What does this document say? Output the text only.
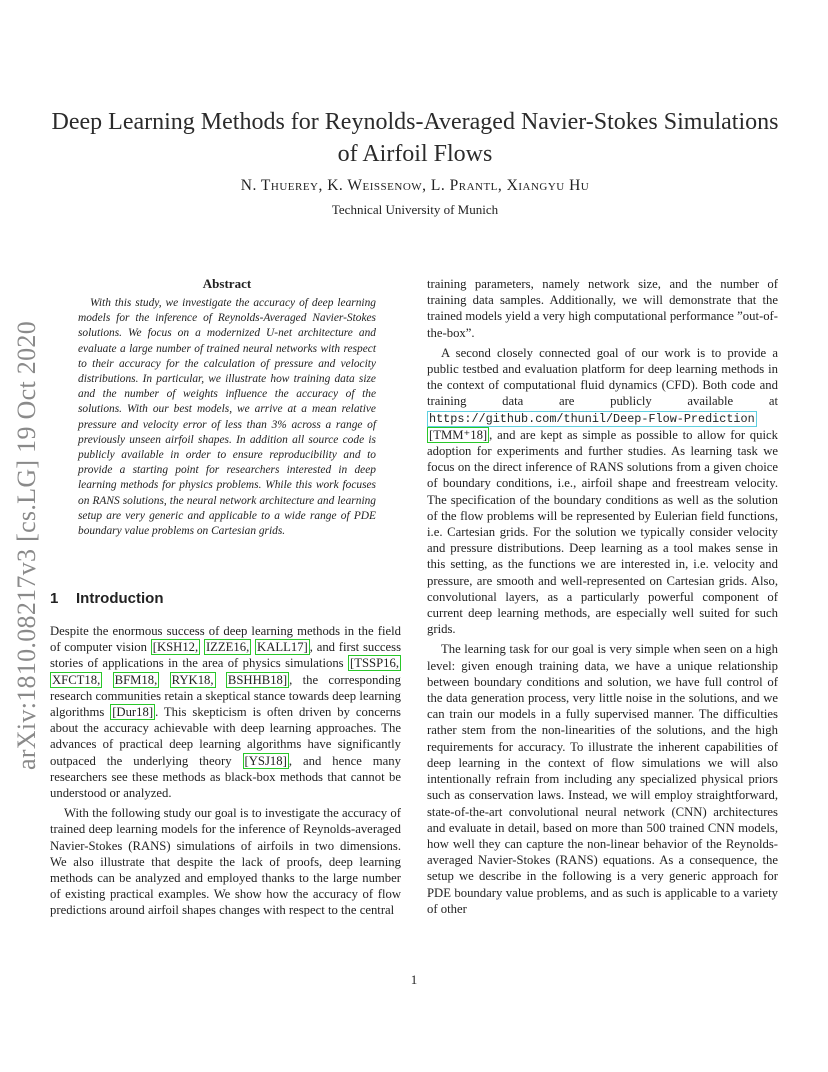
arXiv:1810.08217v3 [cs.LG] 19 Oct 2020
Deep Learning Methods for Reynolds-Averaged Navier-Stokes Simulations of Airfoil Flows
N. Thuerey, K. Weissenow, L. Prantl, Xiangyu Hu
Technical University of Munich
Abstract
With this study, we investigate the accuracy of deep learning models for the inference of Reynolds-Averaged Navier-Stokes solutions. We focus on a modernized U-net architecture and evaluate a large number of trained neural networks with respect to their accuracy for the calculation of pressure and velocity distributions. In particular, we illustrate how training data size and the number of weights influence the accuracy of the solutions. With our best models, we arrive at a mean relative pressure and velocity error of less than 3% across a range of previously unseen airfoil shapes. In addition all source code is publicly available in order to ensure reproducibility and to provide a starting point for researchers interested in deep learning methods for physics problems. While this work focuses on RANS solutions, the neural network architecture and learning setup are very generic and applicable to a wide range of PDE boundary value problems on Cartesian grids.
1 Introduction

Despite the enormous success of deep learning methods in the field of computer vision [KSH12, IZZE16, KALL17] , and first success stories of applications in the area of physics simulations [TSSP16, XFCT18, BFM18, RYK18, BSHHB18] , the corresponding research communities retain a skeptical stance towards deep learning algorithms [Dur18] . This skepticism is often driven by concerns about the accuracy achievable with deep learning approaches. The advances of practical deep learning algorithms have significantly outpaced the underlying theory [YSJ18] , and hence many researchers see these methods as black-box methods that cannot be understood or analyzed.

With the following study our goal is to investigate the accuracy of trained deep learning models for the inference of Reynolds-averaged Navier-Stokes (RANS) simulations of airfoils in two dimensions. We also illustrate that despite the lack of proofs, deep learning methods can be analyzed and employed thanks to the large number of existing practical examples. We show how the accuracy of flow predictions around airfoil shapes changes with respect to the central

training parameters, namely network size, and the number of training data samples. Additionally, we will demonstrate that the trained models yield a very high computational performance ”out-of-the-box”.

A second closely connected goal of our work is to provide a public testbed and evaluation platform for deep learning methods in the context of computational fluid dynamics (CFD). Both code and training data are publicly available at https://github.com/thunil/Deep-Flow-Prediction [TMM⁺18] , and are kept as simple as possible to allow for quick adoption for experiments and further studies. As learning task we focus on the direct inference of RANS solutions from a given choice of boundary conditions, i.e., airfoil shape and freestream velocity. The specification of the boundary conditions as well as the solution of the flow problems will be represented by Eulerian field functions, i.e. Cartesian grids. For the solution we typically consider velocity and pressure distributions. Deep learning as a tool makes sense in this setting, as the functions we are interested in, i.e. velocity and pressure, are smooth and well-represented on Cartesian grids. Also, convolutional layers, as a particularly powerful component of current deep learning methods, are especially well suited for such grids.

The learning task for our goal is very simple when seen on a high level: given enough training data, we have a unique relationship between boundary conditions and solution, we have full control of the data generation process, very little noise in the solutions, and we can train our models in a fully supervised manner. The difficulties rather stem from the non-linearities of the solutions, and the high requirements for accuracy. To illustrate the inherent capabilities of deep learning in the context of flow simulations we will also intentionally refrain from including any specialized physical priors such as conservation laws. Instead, we will employ straightforward, state-of-the-art convolutional neural network (CNN) architectures and evaluate in detail, based on more than 500 trained CNN models, how well they can capture the non-linear behavior of the Reynolds-averaged Navier-Stokes (RANS) equations. As a consequence, the setup we describe in the following is a very generic approach for PDE boundary value problems, and as such is applicable to a variety of other

1
